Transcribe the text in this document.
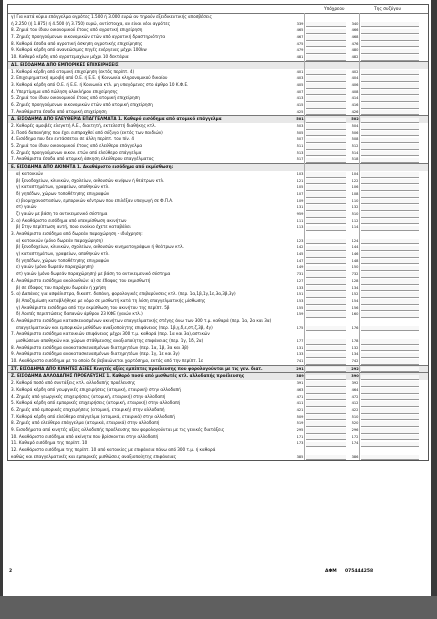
Υπόχρεου	Της συζύγου
γ) Για κατά κύριο επάγγελμα αγρότες 1.500 ή 3.000 ευρώ αν τηρούν εξειδικευτικής αποσβέσεις
ή 2.250 (ή 1.875) ή 4.500 (ή 3.750) ευρώ, αντίστοιχα, αν είναι νέοι αγρότες	339	340
8. Ζημιά του ίδιου οικονομικού έτους από αγροτική επιχείρηση	465	466
7. Ζημιές προηγούμενων οικονομικών ετών από αγροτική δραστηριότητα	467	468
8. Καθαρά έσοδα από αγροτική άσκηση αγροτικής επιχείρησης	475	476
9. Καθαρά κέρδη από ανανεώσιμες πηγές ενέργειας μέχρι 100kw	479	480
10. Καθαρό κέρδη από αγροτεμαχίων μέχρι 10 δεκτάρια	481	482
Δ1. ΕΙΣΟΔΗΜΑ ΑΠΟ ΕΜΠΟΡΙΚΕΣ ΕΠΙΧΕΙΡΗΣΕΙΣ
1. Καθαρό κέρδη από ατομική επιχείρηση (εκτός περίπτ. 4)	401	402
2. Επιχειρηματική αμοιβή από Ο.Ε. ή Ε.Ε. ή Κοινωνία κληρονομικού δικαίου	403	404
3. Καθαρά κέρδη από Ο.Ε. ή Ε.Ε. ή Κοινωνία κτλ. μη υπαγόμενες στο άρθρο 10 Κ.Φ.Ε.	405	406
4. Υπερτίμημα από πώληση ολοκλήρου επιχείρησης	407	408
5. Ζημιά του ίδιου οικονομικού έτους από ατομική επιχείρηση	413	414
6. Ζημιές προηγούμενων οικονομικών ετών από ατομική επιχείρηση	415	416
7. Ακαθάριστα έσοδα από ατομική επιχείρηση	425	426
Δ. ΕΙΣΟΔΗΜΑ ΑΠΟ ΕΛΕΥΘΕΡΙΑ ΕΠΑΓΓΕΛΜΑΤΑ 1. Καθαρό εισόδημα από ατομικό επάγγελμα	501	502
2. Καθαρές αμοιβές ελεγκτή Α.Ε., διαιτητή, εκτελεστή διαθήκης κτλ.	503	504
3. Ποσό δαπανήσης που έχει εισπραχθεί από σύζυγο (εκτός των παιδιών)	505	506
4. Εισόδημα που δεν εντάσσεται σε άλλη περίπτ. του πίν. 4	507	508
5. Ζημιά του ίδιου οικονομικού έτους από ελεύθερο επάγγελμα	511	512
6. Ζημιές προηγούμενων οικον. ετών από ελεύθερο επάγγελμα	513	514
7. Ακαθάριστα έσοδα από ατομική άσκηση ελεύθερου επαγγέλματος	517	518
Ε. ΕΙΣΟΔΗΜΑ ΑΠΟ ΑΚΙΝΗΤΑ 1. Ακαθάριστο εισόδημα από εκμίσθωση:
α) κατοικιών	103	104
β) ξενοδοχείων, κλινικών, σχολείων, αιθουσών κιν/φων ή θεάτρων κτλ.	121	122
γ) καταστημάτων, γραφείων, αποθηκών κτλ.	105	106
δ) γηπέδων, χώρων τοποθέτησης επιγραφών	107	108
ε) βιομηχανοστασίων, εμπορικών κέντρων που επιλέξαν υπαγωγή σε Φ.Π.Α.	109	110
στ) γαιών	131	132
ζ) γαιών με βάση το αντικειμενικό σύστημα	959	510
2. α) Ακαθάριστο εισόδημα από υπεκμίσθωση ακινήτων	111	112
β) Στην περίπτωση αυτή, ποιο ενοίκιο έχετε καταβάλει	113	114
3. Ακαθάριστο εισόδημα από δωρεάν παραχώρηση - ιδιόχρηση:
α) κατοικιών (μόνο δωρεάν παραχώρηση)	123	124
β) ξενοδοχείων, κλινικών, σχολείων, αιθουσών κινηματογράφων ή θεάτρων κτλ.	142	144
γ) καταστημάτων, γραφείων, αποθηκών κτλ.	145	146
δ) γηπέδων, χώρων τοποθέτησης επιγραφών	147	148
ε) γαιών (μόνο δωρεάν παραχώρηση)	149	150
στ) γαιών (μόνο δωρεάν παραχώρηση) με βάση το αντικειμενικό σύστημα	731	732
4. Ακαθάριστο εισόδημα ακολουθιών: α) σε έδαφος του εκμισθωτή	127	128
β) σε έδαφος του παρόχου δωρεάν ή χρήση	133	134
5. α) Δαπάνες για ασφάλιστρα, δικαστ. δαπάνη, φορολογικές επιβαρύνσεις κτλ. (περ. 1α,1β,1γ,1ε,3α,3β,3γ)	151	152
β) Αποζημίωση καταβλήθηκε με νόμο σε μισθωτή κατά τη λύση επαγγελματικής μίσθωσης	153	154
γ) Ακαθάριστο εισόδημα από την εκμίσθωση του ακινήτου της περίπτ. 5β	155	156
δ) Λοιπές περιπτώσεις δαπανών άρθρου 23 ΚΦΕ (γαιών κτλ.)	159	160
6. Ακαθάριστο εισόδημα κατασκευασμένων ακινήτων επαγγελματικής στέγης άνω των 300 τ.μ. καθαρά (περ. 1α, 2α και 3α)
επαγγελματικών και εμπορικών μεθόδων αναξιοποίητης επιφάνειας (περ. 1β,γ,δ,ε,στ,ζ,3β, 4γ)	175	176
7. Ακαθάριστο εισόδημα κατοικιών επιφάνειας μέχρι 300 τ.μ. καθαρά (περ. 1α και 3α),αστικών
μισθώσεων αποθηκών και χώρων στάθμευσης αναξιοποίητης επιφάνειας (περ. 1γ, 1δ, 2α)	177	178
8. Ακαθάριστο εισόδημα ανακατασκευασμένων διατηρητέων (περ. 1α, 1β, 3α και 3β)	131	132
9. Ακαθάριστο εισόδημα ανακατασκευασμένων διατηρητέων (περ. 1γ, 1ε και 3γ)	133	134
10. Ακαθάριστο εισόδημα με το οποίο δε βεβαιώνεται χαρτόσημο, εκτός από την περίπτ. 1ε	741	742
ΣΤ. ΕΙΣΟΔΗΜΑ ΑΠΟ ΚΙΝΗΤΕΣ ΑΞΙΕΣ Κινητές αξίες εμπίπτες προέλευσης που φορολογούνται με τις γεν. διατ.	291	292
Ζ. ΕΙΣΟΔΗΜΑ ΑΛΛΟΔΑΠΗΣ ΠΡΟΕΛΕΥΣΗΣ 1. Καθαρό ποσό από μισθωτές κτλ. αλλοδαπής προέλευσης	389	390
2. Καθαρό ποσό από συντάξεις κτλ. αλλοδαπής προέλευσης	391	392
3. Καθαρά κέρδη από γεωργικές επιχειρήσεις (ατομική, εταιρική) στην αλλοδαπή	463	464
4. Ζημιές από γεωργικές επιχειρήσεις (ατομική, εταιρική) στην αλλοδαπή	471	472
5. Καθαρά κέρδη από εμπορικές επιχειρήσεις (ατομική, εταιρική) στην αλλοδαπή	411	412
6. Ζημιές από εμπορικές επιχειρήσεις (ατομική, εταιρική) στην αλλοδαπή	421	422
7. Καθαρά κέρδη από ελεύθερο επάγγελμα (ατομικά, εταιρικά) στην αλλοδαπή	509	510
8. Ζημιές από ελεύθερο επάγγελμα (ατομικά, εταιρικά) στην αλλοδαπή	519	520
9. Εισοδήματα από κινητές αξίες αλλοδαπής προέλευσης που φορολογούνται με τις γενικές διατάξεις	295	296
10. Ακαθάριστο εισόδημα από ακίνητα που βρίσκονται στην αλλοδαπή	171	172
11. Καθαρό εισόδημα της περίπτ. 10	173	174
12. Ακαθάριστο εισόδημα της περίπτ. 10 από κατοικίες με επιφάνεια πάνω από 300 τ.μ. ή καθαρά
καθώς και επαγγελματικές και εμπορικές μισθώσεις αναξιοποίητης επιφάνειας	385	386
2	ΑΦΜ 075444258
